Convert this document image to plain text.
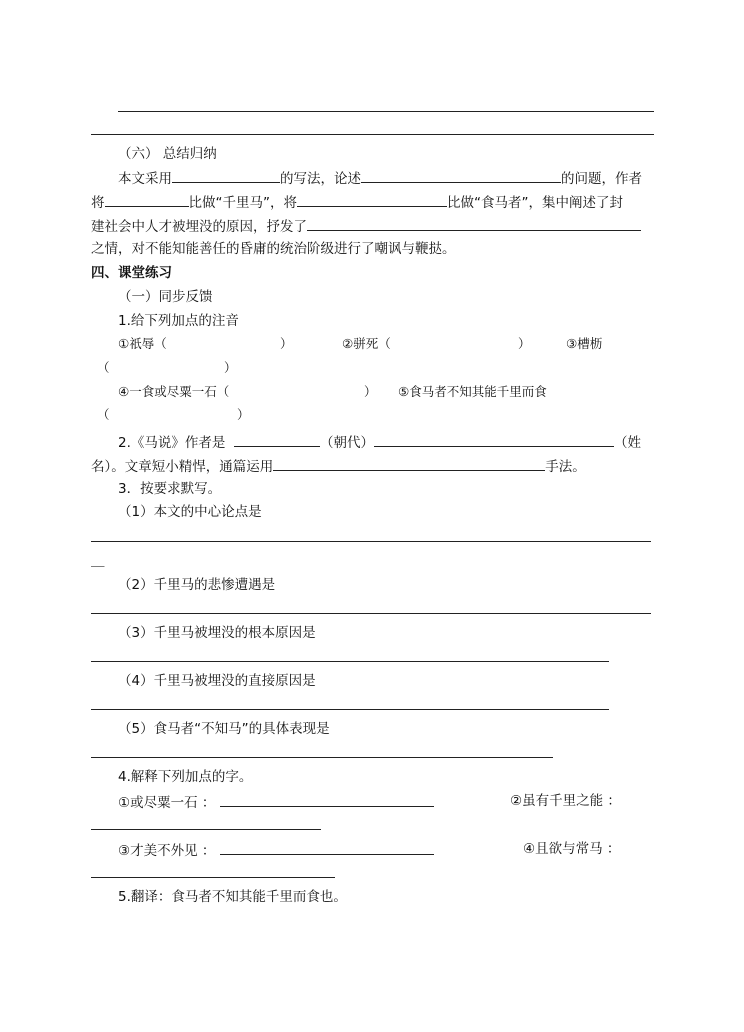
（六） 总结归纳
本文采用	的写法，论述	的问题，作者
将	比做“千里马”，将	比做“食马者”，集中阐述了封
建社会中人才被埋没的原因，抒发了
之情，对不能知能善任的昏庸的统治阶级进行了嘲讽与鞭挞。
四、课堂练习
（一）同步反馈
1.给下列加点的注音
①祇辱（	）	②骈死（	）	③槽枥
（	）
④一食或尽粟一石（	） ⑤食马者不知其能千里而食
（	）
2.《马说》作者是	（朝代）	（姓
名）。文章短小精悍，通篇运用	手法。
3．按要求默写。
（1）本文的中心论点是
＿
（2）千里马的悲惨遭遇是
（3）千里马被埋没的根本原因是
（4）千里马被埋没的直接原因是
（5）食马者“不知马”的具体表现是
4.解释下列加点的字。
①或尽粟一石 ：	②虽有千里之能 ：
③才美不外见 ：	④且欲与常马 ：
5.翻译：食马者不知其能千里而食也。
